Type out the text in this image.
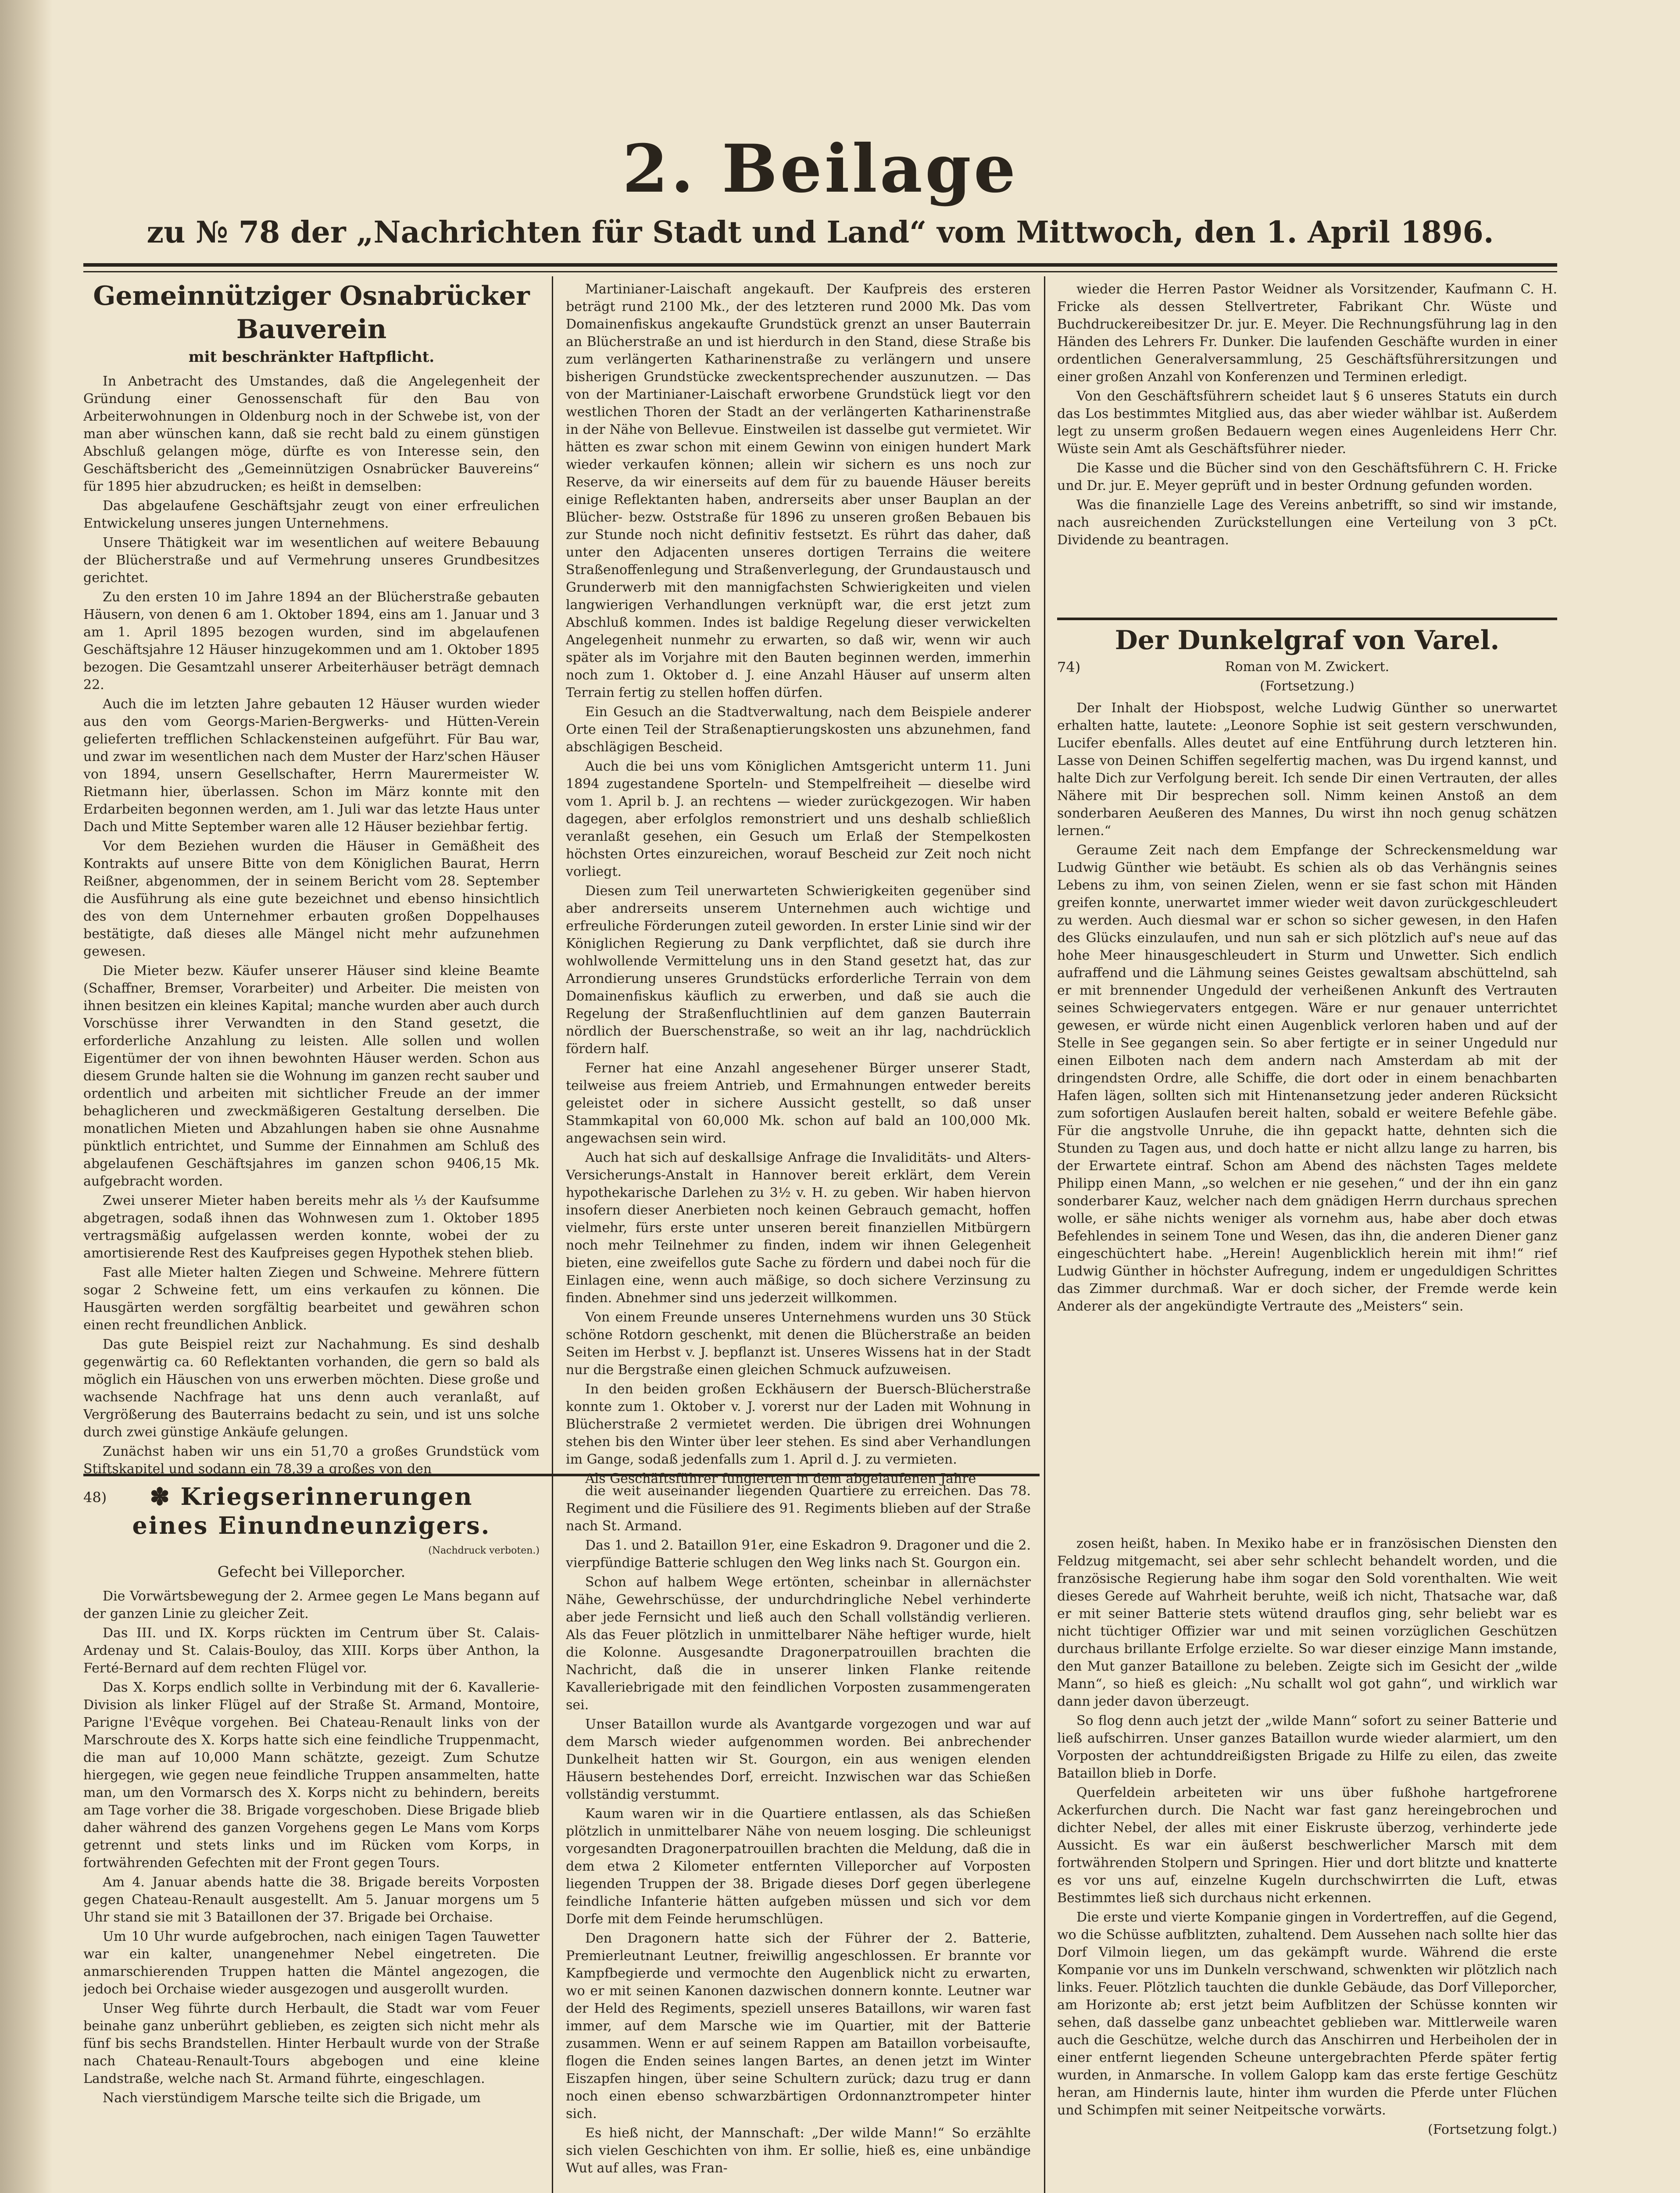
2. Beilage
zu № 78 der „Nachrichten für Stadt und Land“ vom Mittwoch, den 1. April 1896.
Gemeinnütziger Osnabrücker
Bauverein
mit beschränkter Haftpflicht.

In Anbetracht des Umstandes, daß die Angelegenheit der Gründung einer Genossenschaft für den Bau von Arbeiterwohnungen in Oldenburg noch in der Schwebe ist, von der man aber wünschen kann, daß sie recht bald zu einem günstigen Abschluß gelangen möge, dürfte es von Interesse sein, den Geschäftsbericht des „Gemeinnützigen Osnabrücker Bauvereins“ für 1895 hier abzudrucken; es heißt in demselben:

Das abgelaufene Geschäftsjahr zeugt von einer erfreulichen Entwickelung unseres jungen Unternehmens.

Unsere Thätigkeit war im wesentlichen auf weitere Bebauung der Blücherstraße und auf Vermehrung unseres Grundbesitzes gerichtet.

Zu den ersten 10 im Jahre 1894 an der Blücherstraße gebauten Häusern, von denen 6 am 1. Oktober 1894, eins am 1. Januar und 3 am 1. April 1895 bezogen wurden, sind im abgelaufenen Geschäftsjahre 12 Häuser hinzugekommen und am 1. Oktober 1895 bezogen. Die Gesamtzahl unserer Arbeiterhäuser beträgt demnach 22.

Auch die im letzten Jahre gebauten 12 Häuser wurden wieder aus den vom Georgs-Marien-Bergwerks- und Hütten-Verein gelieferten trefflichen Schlackensteinen aufgeführt. Für Bau war, und zwar im wesentlichen nach dem Muster der Harz'schen Häuser von 1894, unsern Gesellschafter, Herrn Maurermeister W. Rietmann hier, überlassen. Schon im März konnte mit den Erdarbeiten begonnen werden, am 1. Juli war das letzte Haus unter Dach und Mitte September waren alle 12 Häuser beziehbar fertig.

Vor dem Beziehen wurden die Häuser in Gemäßheit des Kontrakts auf unsere Bitte von dem Königlichen Baurat, Herrn Reißner, abgenommen, der in seinem Bericht vom 28. September die Ausführung als eine gute bezeichnet und ebenso hinsichtlich des von dem Unternehmer erbauten großen Doppelhauses bestätigte, daß dieses alle Mängel nicht mehr aufzunehmen gewesen.

Die Mieter bezw. Käufer unserer Häuser sind kleine Beamte (Schaffner, Bremser, Vorarbeiter) und Arbeiter. Die meisten von ihnen besitzen ein kleines Kapital; manche wurden aber auch durch Vorschüsse ihrer Verwandten in den Stand gesetzt, die erforderliche Anzahlung zu leisten. Alle sollen und wollen Eigentümer der von ihnen bewohnten Häuser werden. Schon aus diesem Grunde halten sie die Wohnung im ganzen recht sauber und ordentlich und arbeiten mit sichtlicher Freude an der immer behaglicheren und zweckmäßigeren Gestaltung derselben. Die monatlichen Mieten und Abzahlungen haben sie ohne Ausnahme pünktlich entrichtet, und Summe der Einnahmen am Schluß des abgelaufenen Geschäftsjahres im ganzen schon 9406,15 Mk. aufgebracht worden.

Zwei unserer Mieter haben bereits mehr als ⅓ der Kaufsumme abgetragen, sodaß ihnen das Wohnwesen zum 1. Oktober 1895 vertragsmäßig aufgelassen werden konnte, wobei der zu amortisierende Rest des Kaufpreises gegen Hypothek stehen blieb.

Fast alle Mieter halten Ziegen und Schweine. Mehrere füttern sogar 2 Schweine fett, um eins verkaufen zu können. Die Hausgärten werden sorgfältig bearbeitet und gewähren schon einen recht freundlichen Anblick.

Das gute Beispiel reizt zur Nachahmung. Es sind deshalb gegenwärtig ca. 60 Reflektanten vorhanden, die gern so bald als möglich ein Häuschen von uns erwerben möchten. Diese große und wachsende Nachfrage hat uns denn auch veranlaßt, auf Vergrößerung des Bauterrains bedacht zu sein, und ist uns solche durch zwei günstige Ankäufe gelungen.

Zunächst haben wir uns ein 51,70 a großes Grundstück vom Stiftskapitel und sodann ein 78,39 a großes von den

Martinianer-Laischaft angekauft. Der Kaufpreis des ersteren beträgt rund 2100 Mk., der des letzteren rund 2000 Mk. Das vom Domainenfiskus angekaufte Grundstück grenzt an unser Bauterrain an Blücherstraße an und ist hierdurch in den Stand, diese Straße bis zum verlängerten Katharinenstraße zu verlängern und unsere bisherigen Grundstücke zweckentsprechender auszunutzen. — Das von der Martinianer-Laischaft erworbene Grundstück liegt vor den westlichen Thoren der Stadt an der verlängerten Katharinenstraße in der Nähe von Bellevue. Einstweilen ist dasselbe gut vermietet. Wir hätten es zwar schon mit einem Gewinn von einigen hundert Mark wieder verkaufen können; allein wir sichern es uns noch zur Reserve, da wir einerseits auf dem für zu bauende Häuser bereits einige Reflektanten haben, andrerseits aber unser Bauplan an der Blücher- bezw. Oststraße für 1896 zu unseren großen Bebauen bis zur Stunde noch nicht definitiv festsetzt. Es rührt das daher, daß unter den Adjacenten unseres dortigen Terrains die weitere Straßenoffenlegung und Straßenverlegung, der Grundaustausch und Grunderwerb mit den mannigfachsten Schwierigkeiten und vielen langwierigen Verhandlungen verknüpft war, die erst jetzt zum Abschluß kommen. Indes ist baldige Regelung dieser verwickelten Angelegenheit nunmehr zu erwarten, so daß wir, wenn wir auch später als im Vorjahre mit den Bauten beginnen werden, immerhin noch zum 1. Oktober d. J. eine Anzahl Häuser auf unserm alten Terrain fertig zu stellen hoffen dürfen.

Ein Gesuch an die Stadtverwaltung, nach dem Beispiele anderer Orte einen Teil der Straßenaptierungskosten uns abzunehmen, fand abschlägigen Bescheid.

Auch die bei uns vom Königlichen Amtsgericht unterm 11. Juni 1894 zugestandene Sporteln- und Stempelfreiheit — dieselbe wird vom 1. April b. J. an rechtens — wieder zurückgezogen. Wir haben dagegen, aber erfolglos remonstriert und uns deshalb schließlich veranlaßt gesehen, ein Gesuch um Erlaß der Stempelkosten höchsten Ortes einzureichen, worauf Bescheid zur Zeit noch nicht vorliegt.

Diesen zum Teil unerwarteten Schwierigkeiten gegenüber sind aber andrerseits unserem Unternehmen auch wichtige und erfreuliche Förderungen zuteil geworden. In erster Linie sind wir der Königlichen Regierung zu Dank verpflichtet, daß sie durch ihre wohlwollende Vermittelung uns in den Stand gesetzt hat, das zur Arrondierung unseres Grundstücks erforderliche Terrain von dem Domainenfiskus käuflich zu erwerben, und daß sie auch die Regelung der Straßenfluchtlinien auf dem ganzen Bauterrain nördlich der Buerschenstraße, so weit an ihr lag, nachdrücklich fördern half.

Ferner hat eine Anzahl angesehener Bürger unserer Stadt, teilweise aus freiem Antrieb, und Ermahnungen entweder bereits geleistet oder in sichere Aussicht gestellt, so daß unser Stammkapital von 60,000 Mk. schon auf bald an 100,000 Mk. angewachsen sein wird.

Auch hat sich auf deskallsige Anfrage die Invaliditäts- und Alters-Versicherungs-Anstalt in Hannover bereit erklärt, dem Verein hypothekarische Darlehen zu 3½ v. H. zu geben. Wir haben hiervon insofern dieser Anerbieten noch keinen Gebrauch gemacht, hoffen vielmehr, fürs erste unter unseren bereit finanziellen Mitbürgern noch mehr Teilnehmer zu finden, indem wir ihnen Gelegenheit bieten, eine zweifellos gute Sache zu fördern und dabei noch für die Einlagen eine, wenn auch mäßige, so doch sichere Verzinsung zu finden. Abnehmer sind uns jederzeit willkommen.

Von einem Freunde unseres Unternehmens wurden uns 30 Stück schöne Rotdorn geschenkt, mit denen die Blücherstraße an beiden Seiten im Herbst v. J. bepflanzt ist. Unseres Wissens hat in der Stadt nur die Bergstraße einen gleichen Schmuck aufzuweisen.

In den beiden großen Eckhäusern der Buersch-Blücherstraße konnte zum 1. Oktober v. J. vorerst nur der Laden mit Wohnung in Blücherstraße 2 vermietet werden. Die übrigen drei Wohnungen stehen bis den Winter über leer stehen. Es sind aber Verhandlungen im Gange, sodaß jedenfalls zum 1. April d. J. zu vermieten.

Als Geschäftsführer fungierten in dem abgelaufenen Jahre

wieder die Herren Pastor Weidner als Vorsitzender, Kaufmann C. H. Fricke als dessen Stellvertreter, Fabrikant Chr. Wüste und Buchdruckereibesitzer Dr. jur. E. Meyer. Die Rechnungsführung lag in den Händen des Lehrers Fr. Dunker. Die laufenden Geschäfte wurden in einer ordentlichen Generalversammlung, 25 Geschäftsführersitzungen und einer großen Anzahl von Konferenzen und Terminen erledigt.

Von den Geschäftsführern scheidet laut § 6 unseres Statuts ein durch das Los bestimmtes Mitglied aus, das aber wieder wählbar ist. Außerdem legt zu unserm großen Bedauern wegen eines Augenleidens Herr Chr. Wüste sein Amt als Geschäftsführer nieder.

Die Kasse und die Bücher sind von den Geschäftsführern C. H. Fricke und Dr. jur. E. Meyer geprüft und in bester Ordnung gefunden worden.

Was die finanzielle Lage des Vereins anbetrifft, so sind wir imstande, nach ausreichenden Zurückstellungen eine Verteilung von 3 pCt. Dividende zu beantragen.

Der Dunkelgraf von Varel.
74)	Roman von M. Zwickert.
(Fortsetzung.)

Der Inhalt der Hiobspost, welche Ludwig Günther so unerwartet erhalten hatte, lautete: „Leonore Sophie ist seit gestern verschwunden, Lucifer ebenfalls. Alles deutet auf eine Entführung durch letzteren hin. Lasse von Deinen Schiffen segelfertig machen, was Du irgend kannst, und halte Dich zur Verfolgung bereit. Ich sende Dir einen Vertrauten, der alles Nähere mit Dir besprechen soll. Nimm keinen Anstoß an dem sonderbaren Aeußeren des Mannes, Du wirst ihn noch genug schätzen lernen.“

Geraume Zeit nach dem Empfange der Schreckensmeldung war Ludwig Günther wie betäubt. Es schien als ob das Verhängnis seines Lebens zu ihm, von seinen Zielen, wenn er sie fast schon mit Händen greifen konnte, unerwartet immer wieder weit davon zurückgeschleudert zu werden. Auch diesmal war er schon so sicher gewesen, in den Hafen des Glücks einzulaufen, und nun sah er sich plötzlich auf's neue auf das hohe Meer hinausgeschleudert in Sturm und Unwetter. Sich endlich aufraffend und die Lähmung seines Geistes gewaltsam abschüttelnd, sah er mit brennender Ungeduld der verheißenen Ankunft des Vertrauten seines Schwiegervaters entgegen. Wäre er nur genauer unterrichtet gewesen, er würde nicht einen Augenblick verloren haben und auf der Stelle in See gegangen sein. So aber fertigte er in seiner Ungeduld nur einen Eilboten nach dem andern nach Amsterdam ab mit der dringendsten Ordre, alle Schiffe, die dort oder in einem benachbarten Hafen lägen, sollten sich mit Hintenansetzung jeder anderen Rücksicht zum sofortigen Auslaufen bereit halten, sobald er weitere Befehle gäbe. Für die angstvolle Unruhe, die ihn gepackt hatte, dehnten sich die Stunden zu Tagen aus, und doch hatte er nicht allzu lange zu harren, bis der Erwartete eintraf. Schon am Abend des nächsten Tages meldete Philipp einen Mann, „so welchen er nie gesehen,“ und der ihn ein ganz sonderbarer Kauz, welcher nach dem gnädigen Herrn durchaus sprechen wolle, er sähe nichts weniger als vornehm aus, habe aber doch etwas Befehlendes in seinem Tone und Wesen, das ihn, die anderen Diener ganz eingeschüchtert habe. „Herein! Augenblicklich herein mit ihm!“ rief Ludwig Günther in höchster Aufregung, indem er ungeduldigen Schrittes das Zimmer durchmaß. War er doch sicher, der Fremde werde kein Anderer als der angekündigte Vertraute des „Meisters“ sein.

48)	✽ Kriegserinnerungen
eines Einundneunzigers.
(Nachdruck verboten.)
Gefecht bei Villeporcher.

Die Vorwärtsbewegung der 2. Armee gegen Le Mans begann auf der ganzen Linie zu gleicher Zeit.

Das III. und IX. Korps rückten im Centrum über St. Calais-Ardenay und St. Calais-Bouloy, das XIII. Korps über Anthon, la Ferté-Bernard auf dem rechten Flügel vor.

Das X. Korps endlich sollte in Verbindung mit der 6. Kavallerie-Division als linker Flügel auf der Straße St. Armand, Montoire, Parigne l'Evêque vorgehen. Bei Chateau-Renault links von der Marschroute des X. Korps hatte sich eine feindliche Truppenmacht, die man auf 10,000 Mann schätzte, gezeigt. Zum Schutze hiergegen, wie gegen neue feindliche Truppen ansammelten, hatte man, um den Vormarsch des X. Korps nicht zu behindern, bereits am Tage vorher die 38. Brigade vorgeschoben. Diese Brigade blieb daher während des ganzen Vorgehens gegen Le Mans vom Korps getrennt und stets links und im Rücken vom Korps, in fortwährenden Gefechten mit der Front gegen Tours.

Am 4. Januar abends hatte die 38. Brigade bereits Vorposten gegen Chateau-Renault ausgestellt. Am 5. Januar morgens um 5 Uhr stand sie mit 3 Bataillonen der 37. Brigade bei Orchaise.

Um 10 Uhr wurde aufgebrochen, nach einigen Tagen Tauwetter war ein kalter, unangenehmer Nebel eingetreten. Die anmarschierenden Truppen hatten die Mäntel angezogen, die jedoch bei Orchaise wieder ausgezogen und ausgerollt wurden.

Unser Weg führte durch Herbault, die Stadt war vom Feuer beinahe ganz unberührt geblieben, es zeigten sich nicht mehr als fünf bis sechs Brandstellen. Hinter Herbault wurde von der Straße nach Chateau-Renault-Tours abgebogen und eine kleine Landstraße, welche nach St. Armand führte, eingeschlagen.

Nach vierstündigem Marsche teilte sich die Brigade, um

die weit auseinander liegenden Quartiere zu erreichen. Das 78. Regiment und die Füsiliere des 91. Regiments blieben auf der Straße nach St. Armand.

Das 1. und 2. Bataillon 91er, eine Eskadron 9. Dragoner und die 2. vierpfündige Batterie schlugen den Weg links nach St. Gourgon ein.

Schon auf halbem Wege ertönten, scheinbar in allernächster Nähe, Gewehrschüsse, der undurchdringliche Nebel verhinderte aber jede Fernsicht und ließ auch den Schall vollständig verlieren. Als das Feuer plötzlich in unmittelbarer Nähe heftiger wurde, hielt die Kolonne. Ausgesandte Dragonerpatrouillen brachten die Nachricht, daß die in unserer linken Flanke reitende Kavalleriebrigade mit den feindlichen Vorposten zusammengeraten sei.

Unser Bataillon wurde als Avantgarde vorgezogen und war auf dem Marsch wieder aufgenommen worden. Bei anbrechender Dunkelheit hatten wir St. Gourgon, ein aus wenigen elenden Häusern bestehendes Dorf, erreicht. Inzwischen war das Schießen vollständig verstummt.

Kaum waren wir in die Quartiere entlassen, als das Schießen plötzlich in unmittelbarer Nähe von neuem losging. Die schleunigst vorgesandten Dragonerpatrouillen brachten die Meldung, daß die in dem etwa 2 Kilometer entfernten Villeporcher auf Vorposten liegenden Truppen der 38. Brigade dieses Dorf gegen überlegene feindliche Infanterie hätten aufgeben müssen und sich vor dem Dorfe mit dem Feinde herumschlügen.

Den Dragonern hatte sich der Führer der 2. Batterie, Premierleutnant Leutner, freiwillig angeschlossen. Er brannte vor Kampfbegierde und vermochte den Augenblick nicht zu erwarten, wo er mit seinen Kanonen dazwischen donnern konnte. Leutner war der Held des Regiments, speziell unseres Bataillons, wir waren fast immer, auf dem Marsche wie im Quartier, mit der Batterie zusammen. Wenn er auf seinem Rappen am Bataillon vorbeisaufte, flogen die Enden seines langen Bartes, an denen jetzt im Winter Eiszapfen hingen, über seine Schultern zurück; dazu trug er dann noch einen ebenso schwarzbärtigen Ordonnanztrompeter hinter sich.

Es hieß nicht, der Mannschaft: „Der wilde Mann!“ So erzählte sich vielen Geschichten von ihm. Er sollie, hieß es, eine unbändige Wut auf alles, was Fran-

zosen heißt, haben. In Mexiko habe er in französischen Diensten den Feldzug mitgemacht, sei aber sehr schlecht behandelt worden, und die französische Regierung habe ihm sogar den Sold vorenthalten. Wie weit dieses Gerede auf Wahrheit beruhte, weiß ich nicht, Thatsache war, daß er mit seiner Batterie stets wütend drauflos ging, sehr beliebt war es nicht tüchtiger Offizier war und mit seinen vorzüglichen Geschützen durchaus brillante Erfolge erzielte. So war dieser einzige Mann imstande, den Mut ganzer Bataillone zu beleben. Zeigte sich im Gesicht der „wilde Mann“, so hieß es gleich: „Nu schallt wol got gahn“, und wirklich war dann jeder davon überzeugt.

So flog denn auch jetzt der „wilde Mann“ sofort zu seiner Batterie und ließ aufschirren. Unser ganzes Bataillon wurde wieder alarmiert, um den Vorposten der achtunddreißigsten Brigade zu Hilfe zu eilen, das zweite Bataillon blieb in Dorfe.

Querfeldein arbeiteten wir uns über fußhohe hartgefrorene Ackerfurchen durch. Die Nacht war fast ganz hereingebrochen und dichter Nebel, der alles mit einer Eiskruste überzog, verhinderte jede Aussicht. Es war ein äußerst beschwerlicher Marsch mit dem fortwährenden Stolpern und Springen. Hier und dort blitzte und knatterte es vor uns auf, einzelne Kugeln durchschwirrten die Luft, etwas Bestimmtes ließ sich durchaus nicht erkennen.

Die erste und vierte Kompanie gingen in Vordertreffen, auf die Gegend, wo die Schüsse aufblitzten, zuhaltend. Dem Aussehen nach sollte hier das Dorf Vilmoin liegen, um das gekämpft wurde. Während die erste Kompanie vor uns im Dunkeln verschwand, schwenkten wir plötzlich nach links. Feuer. Plötzlich tauchten die dunkle Gebäude, das Dorf Villeporcher, am Horizonte ab; erst jetzt beim Aufblitzen der Schüsse konnten wir sehen, daß dasselbe ganz unbeachtet geblieben war. Mittlerweile waren auch die Geschütze, welche durch das Anschirren und Herbeiholen der in einer entfernt liegenden Scheune untergebrachten Pferde später fertig wurden, in Anmarsche. In vollem Galopp kam das erste fertige Geschütz heran, am Hindernis laute, hinter ihm wurden die Pferde unter Flüchen und Schimpfen mit seiner Neitpeitsche vorwärts.

(Fortsetzung folgt.)
